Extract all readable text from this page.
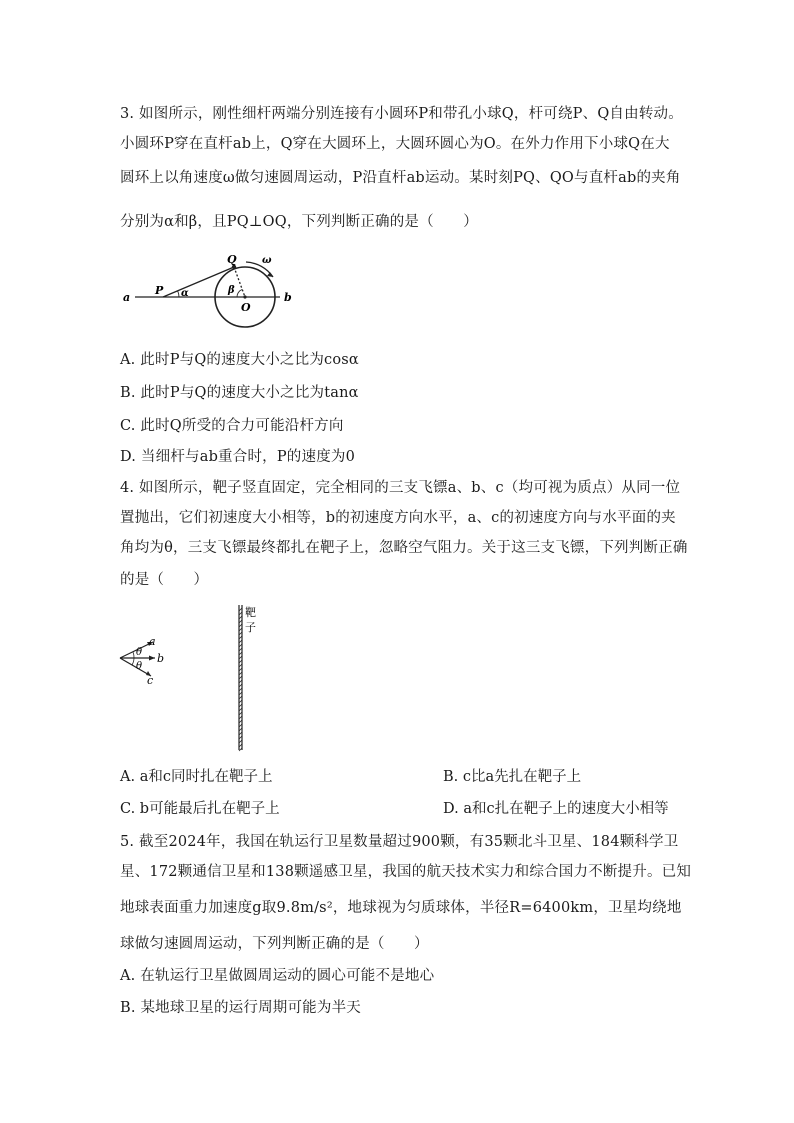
3. 如图所示，刚性细杆两端分别连接有小圆环P和带孔小球Q，杆可绕P、Q自由转动。
小圆环P穿在直杆ab上，Q穿在大圆环上，大圆环圆心为O。在外力作用下小球Q在大
圆环上以角速度ω做匀速圆周运动，P沿直杆ab运动。某时刻PQ、QO与直杆ab的夹角
分别为α和β，且PQ⊥OQ，下列判断正确的是（　　）
a	b
P
Q
O
α	β
ω
A. 此时P与Q的速度大小之比为cosα
B. 此时P与Q的速度大小之比为tanα
C. 此时Q所受的合力可能沿杆方向
D. 当细杆与ab重合时，P的速度为0
4. 如图所示，靶子竖直固定，完全相同的三支飞镖a、b、c（均可视为质点）从同一位
置抛出，它们初速度大小相等，b的初速度方向水平，a、c的初速度方向与水平面的夹
角均为θ，三支飞镖最终都扎在靶子上，忽略空气阻力。关于这三支飞镖，下列判断正确
的是（　　）
a
b
c
θ
θ
靶
子
A. a和c同时扎在靶子上	B. c比a先扎在靶子上
C. b可能最后扎在靶子上	D. a和c扎在靶子上的速度大小相等
5. 截至2024年，我国在轨运行卫星数量超过900颗，有35颗北斗卫星、184颗科学卫
星、172颗通信卫星和138颗遥感卫星，我国的航天技术实力和综合国力不断提升。已知
地球表面重力加速度g取9.8m/s²，地球视为匀质球体，半径R=6400km，卫星均绕地
球做匀速圆周运动，下列判断正确的是（　　）
A. 在轨运行卫星做圆周运动的圆心可能不是地心
B. 某地球卫星的运行周期可能为半天
